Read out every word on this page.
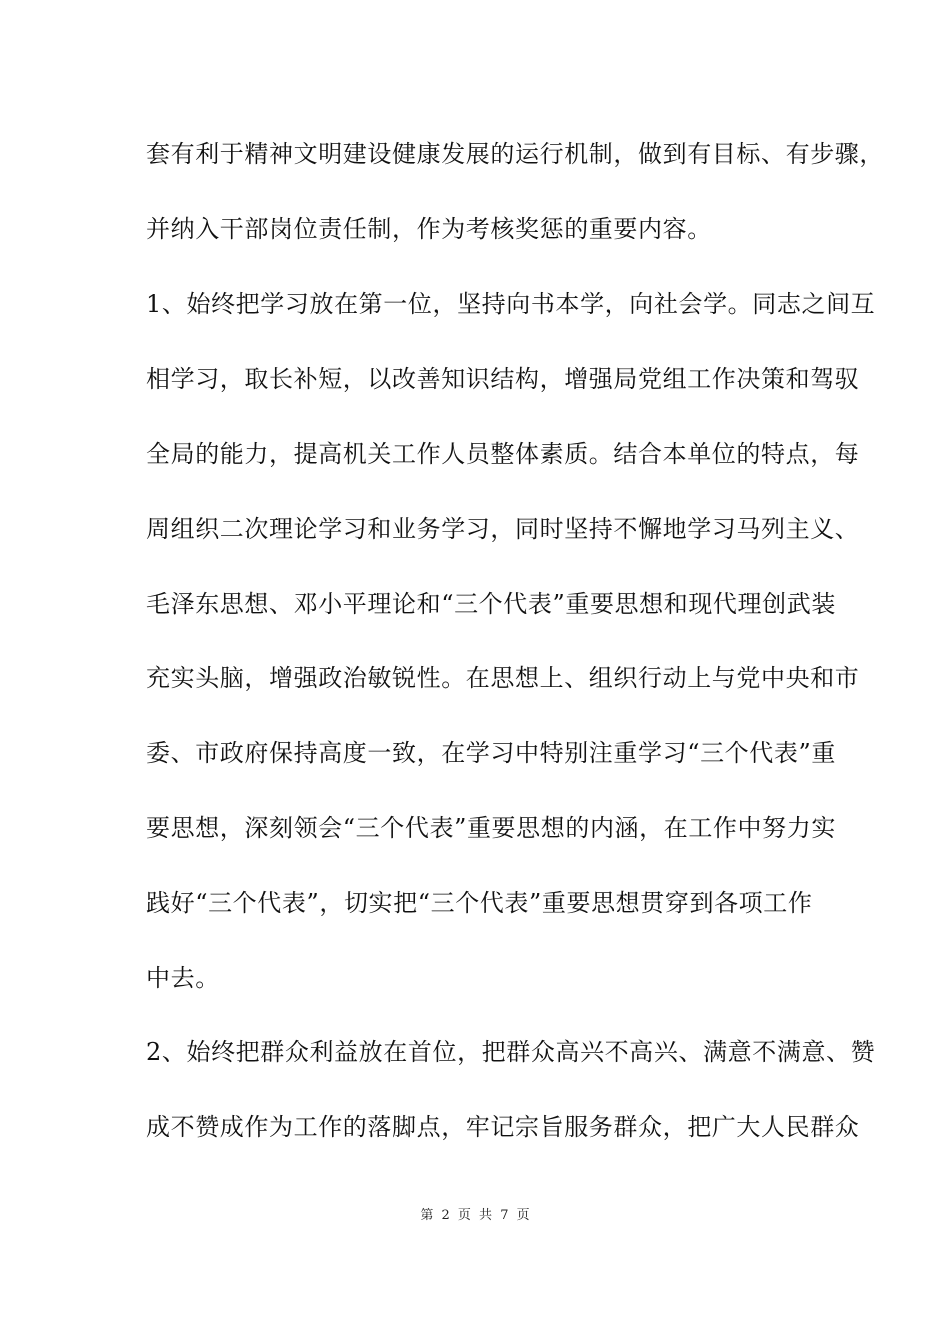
套有利于精神文明建设健康发展的运行机制，做到有目标、有步骤，
并纳入干部岗位责任制，作为考核奖惩的重要内容。
1、始终把学习放在第一位，坚持向书本学，向社会学。同志之间互
相学习，取长补短，以改善知识结构，增强局党组工作决策和驾驭
全局的能力，提高机关工作人员整体素质。结合本单位的特点，每
周组织二次理论学习和业务学习，同时坚持不懈地学习马列主义、
毛泽东思想、邓小平理论和“三个代表”重要思想和现代理创武装
充实头脑，增强政治敏锐性。在思想上、组织行动上与党中央和市
委、市政府保持高度一致，在学习中特别注重学习“三个代表”重
要思想，深刻领会“三个代表”重要思想的内涵，在工作中努力实
践好“三个代表”，切实把“三个代表”重要思想贯穿到各项工作
中去。
2、始终把群众利益放在首位，把群众高兴不高兴、满意不满意、赞
成不赞成作为工作的落脚点，牢记宗旨服务群众，把广大人民群众
第 2 页 共 7 页
